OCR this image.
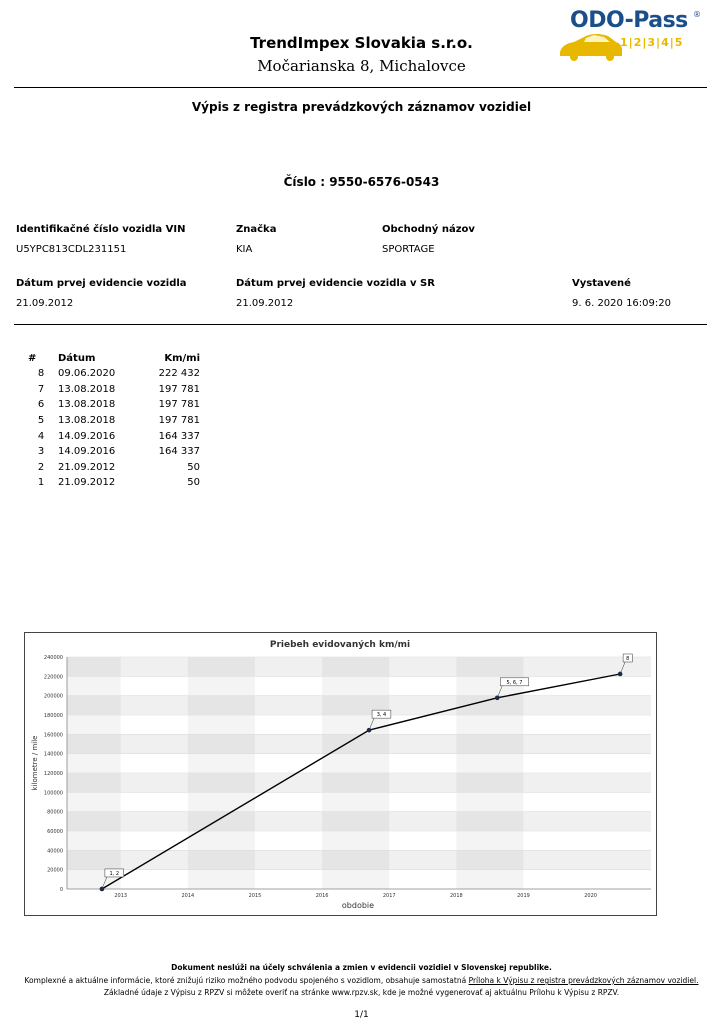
TrendImpex Slovakia s.r.o.
Močarianska 8, Michalovce
ODO-Pass ®
1|2|3|4|5
Výpis z registra prevádzkových záznamov vozidiel
Číslo : 9550-6576-0543
Identifikačné číslo vozidla VIN
U5YPC813CDL231151
Značka
KIA
Obchodný názov
SPORTAGE
Dátum prvej evidencie vozidla
21.09.2012
Dátum prvej evidencie vozidla v SR
21.09.2012
Vystavené
9. 6. 2020 16:09:20
#	Dátum	Km/mi
8	09.06.2020	222 432
7	13.08.2018	197 781
6	13.08.2018	197 781
5	13.08.2018	197 781
4	14.09.2016	164 337
3	14.09.2016	164 337
2	21.09.2012	50
1	21.09.2012	50
Priebeh evidovaných km/mi
0
20000
40000
60000
80000
100000
120000
140000
160000
180000
200000
220000
240000
2013	2014	2015	2016	2017	2018	2019	2020
1, 2
3, 4
5, 6, 7
8
obdobie
kilometre / míle
Dokument neslúži na účely schválenia a zmien v evidencii vozidiel v Slovenskej republike.
Komplexné a aktuálne informácie, ktoré znižujú riziko možného podvodu spojeného s vozidlom, obsahuje samostatná Príloha k Výpisu z registra prevádzkových záznamov vozidiel.
Základné údaje z Výpisu z RPZV si môžete overiť na stránke www.rpzv.sk, kde je možné vygenerovať aj aktuálnu Prílohu k Výpisu z RPZV.
1/1
